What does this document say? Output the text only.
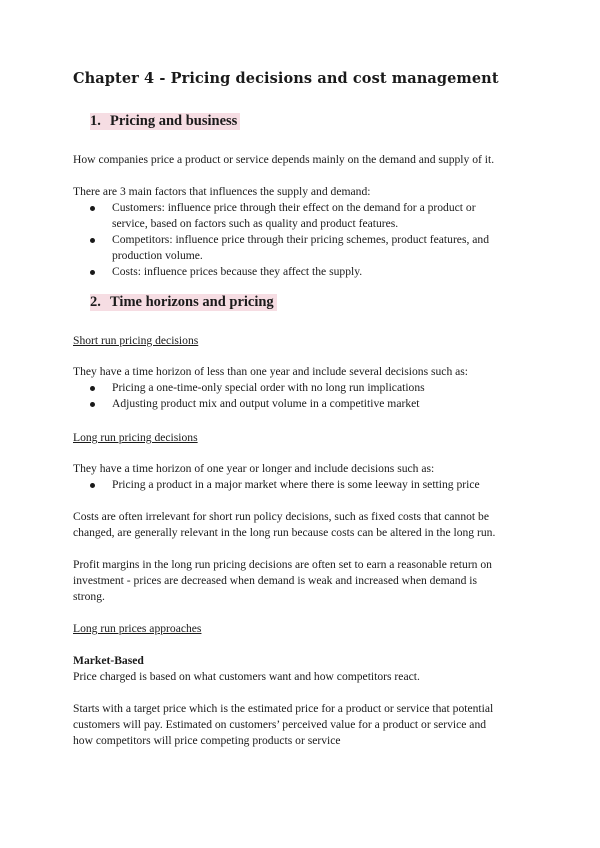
Chapter 4 - Pricing decisions and cost management
1. Pricing and business

How companies price a product or service depends mainly on the demand and supply of it.

There are 3 main factors that influences the supply and demand:

Customers: influence price through their effect on the demand for a product or
service, based on factors such as quality and product features.
Competitors: influence price through their pricing schemes, product features, and
production volume.
Costs: influence prices because they affect the supply.
2. Time horizons and pricing

Short run pricing decisions

They have a time horizon of less than one year and include several decisions such as:

Pricing a one-time-only special order with no long run implications
Adjusting product mix and output volume in a competitive market

Long run pricing decisions

They have a time horizon of one year or longer and include decisions such as:

Pricing a product in a major market where there is some leeway in setting price

Costs are often irrelevant for short run policy decisions, such as fixed costs that cannot be

changed, are generally relevant in the long run because costs can be altered in the long run.

Profit margins in the long run pricing decisions are often set to earn a reasonable return on

investment - prices are decreased when demand is weak and increased when demand is

strong.

Long run prices approaches

Market-Based

Price charged is based on what customers want and how competitors react.

Starts with a target price which is the estimated price for a product or service that potential

customers will pay. Estimated on customers’ perceived value for a product or service and

how competitors will price competing products or service
